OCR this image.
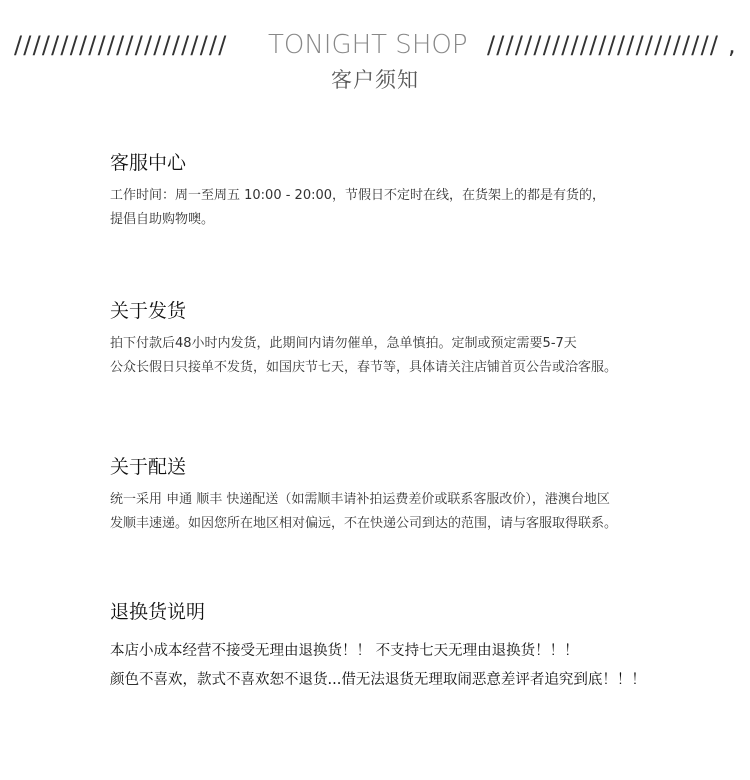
/////////////////////// TONIGHT SHOP ///////////////////////// ,
客户须知
客服中心

工作时间：周一至周五 10:00 - 20:00，节假日不定时在线，在货架上的都是有货的，

提倡自助购物噢。

关于发货

拍下付款后48小时内发货，此期间内请勿催单，急单慎拍。定制或预定需要5-7天

公众长假日只接单不发货，如国庆节七天，春节等，具体请关注店铺首页公告或洽客服。

关于配送

统一采用 申通 顺丰 快递配送（如需顺丰请补拍运费差价或联系客服改价），港澳台地区

发顺丰速递。如因您所在地区相对偏远，不在快递公司到达的范围，请与客服取得联系。

退换货说明

本店小成本经营不接受无理由退换货！！ 不支持七天无理由退换货！！！

颜色不喜欢，款式不喜欢恕不退货...借无法退货无理取闹恶意差评者追究到底！！！
